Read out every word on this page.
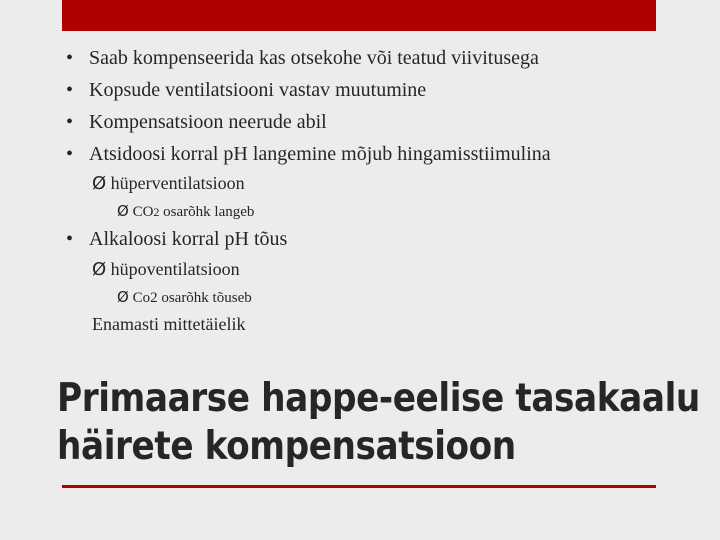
• Saab kompenseerida kas otsekohe või teatud viivitusega
• Kopsude ventilatsiooni vastav muutumine
• Kompensatsioon neerude abil
• Atsidoosi korral pH langemine mõjub hingamisstiimulina
Ø hüperventilatsioon
Ø CO2 osarõhk langeb
• Alkaloosi korral pH tõus
Ø hüpoventilatsioon
Ø Co2 osarõhk tõuseb
Enamasti mittetäielik
Primaarse happe-eelise tasakaalu
häirete kompensatsioon
